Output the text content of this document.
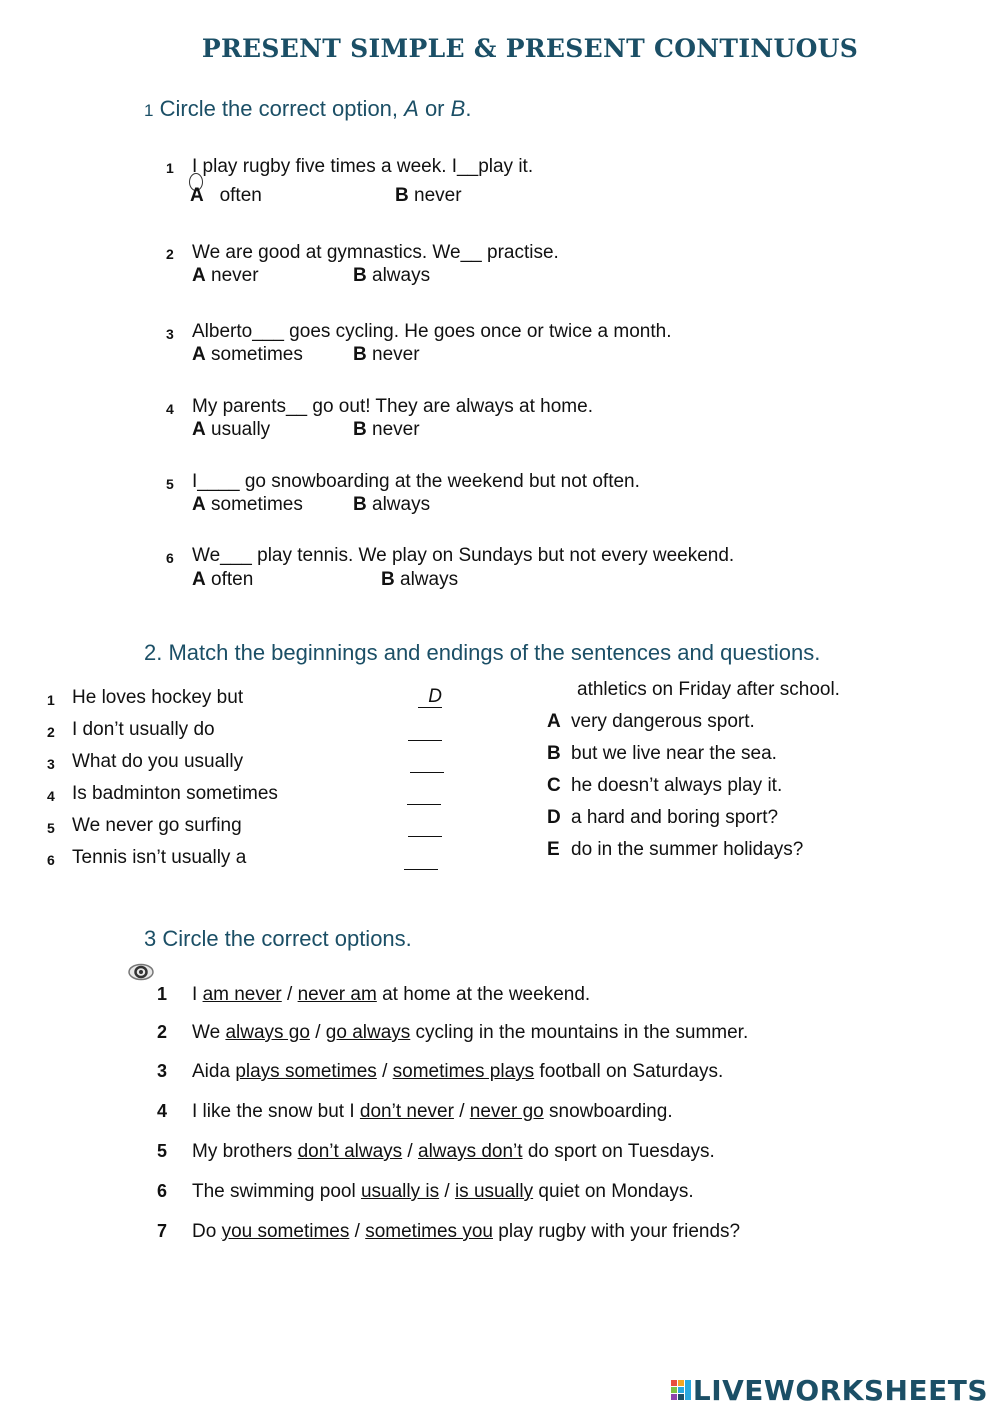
PRESENT SIMPLE & PRESENT CONTINUOUS
1 Circle the correct option, A or B.
1 I play rugby five times a week. I__play it.
A often	B never
2 We are good at gymnastics. We__ practise.
A never	B always
3 Alberto___ goes cycling. He goes once or twice a month.
A sometimes	B never
4 My parents__ go out! They are always at home.
A usually	B never
5 I____ go snowboarding at the weekend but not often.
A sometimes	B always
6 We___ play tennis. We play on Sundays but not every weekend.
A often	B always
2. Match the beginnings and endings of the sentences and questions.
1 He loves hockey but	D
2 I don’t usually do
3 What do you usually
4 Is badminton sometimes
5 We never go surfing
6 Tennis isn’t usually a
athletics on Friday after school.
A very dangerous sport.
B but we live near the sea.
C he doesn’t always play it.
D a hard and boring sport?
E do in the summer holidays?
3 Circle the correct options.
1 I am never / never am at home at the weekend.
2 We always go / go always cycling in the mountains in the summer.
3 Aida plays sometimes / sometimes plays football on Saturdays.
4 I like the snow but I don’t never / never go snowboarding.
5 My brothers don’t always / always don’t do sport on Tuesdays.
6 The swimming pool usually is / is usually quiet on Mondays.
7 Do you sometimes / sometimes you play rugby with your friends?
LIVEWORKSHEETS
